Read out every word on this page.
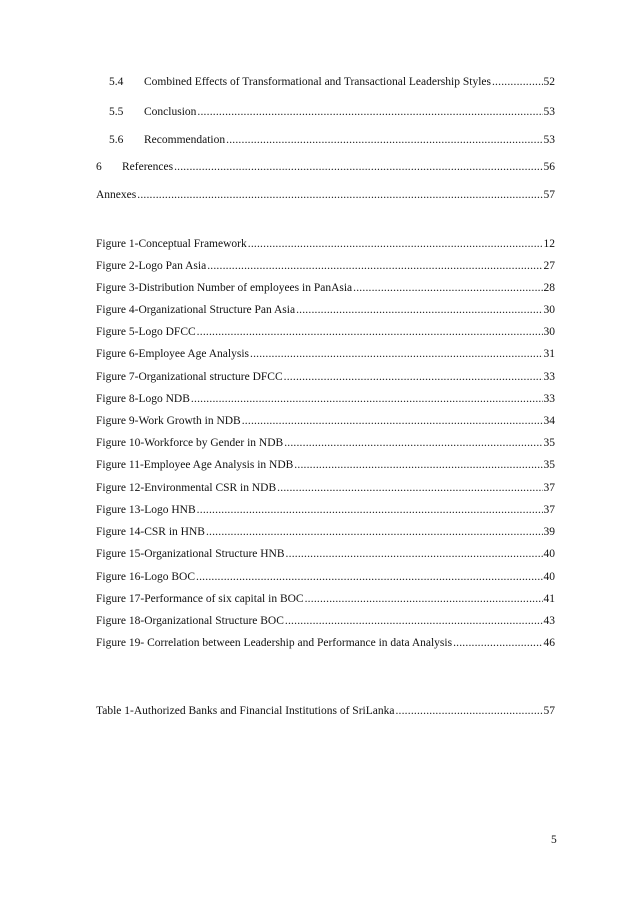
5.4	Combined Effects of Transformational and Transactional Leadership Styles .....	52
5.5	Conclusion .....	53
5.6	Recommendation .....	53
6	References .....	56
Annexes .....	57
Figure 1-Conceptual Framework .....	12
Figure 2-Logo Pan Asia .....	27
Figure 3-Distribution Number of employees in PanAsia .....	28
Figure 4-Organizational Structure Pan Asia .....	30
Figure 5-Logo DFCC .....	30
Figure 6-Employee Age Analysis .....	31
Figure 7-Organizational structure DFCC .....	33
Figure 8-Logo NDB .....	33
Figure 9-Work Growth in NDB .....	34
Figure 10-Workforce by Gender in NDB .....	35
Figure 11-Employee Age Analysis in NDB .....	35
Figure 12-Environmental CSR in NDB .....	37
Figure 13-Logo HNB .....	37
Figure 14-CSR in HNB .....	39
Figure 15-Organizational Structure HNB .....	40
Figure 16-Logo BOC .....	40
Figure 17-Performance of six capital in BOC .....	41
Figure 18-Organizational Structure BOC .....	43
Figure 19- Correlation between Leadership and Performance in data Analysis .....	46
Table 1-Authorized Banks and Financial Institutions of SriLanka .....	57
5
